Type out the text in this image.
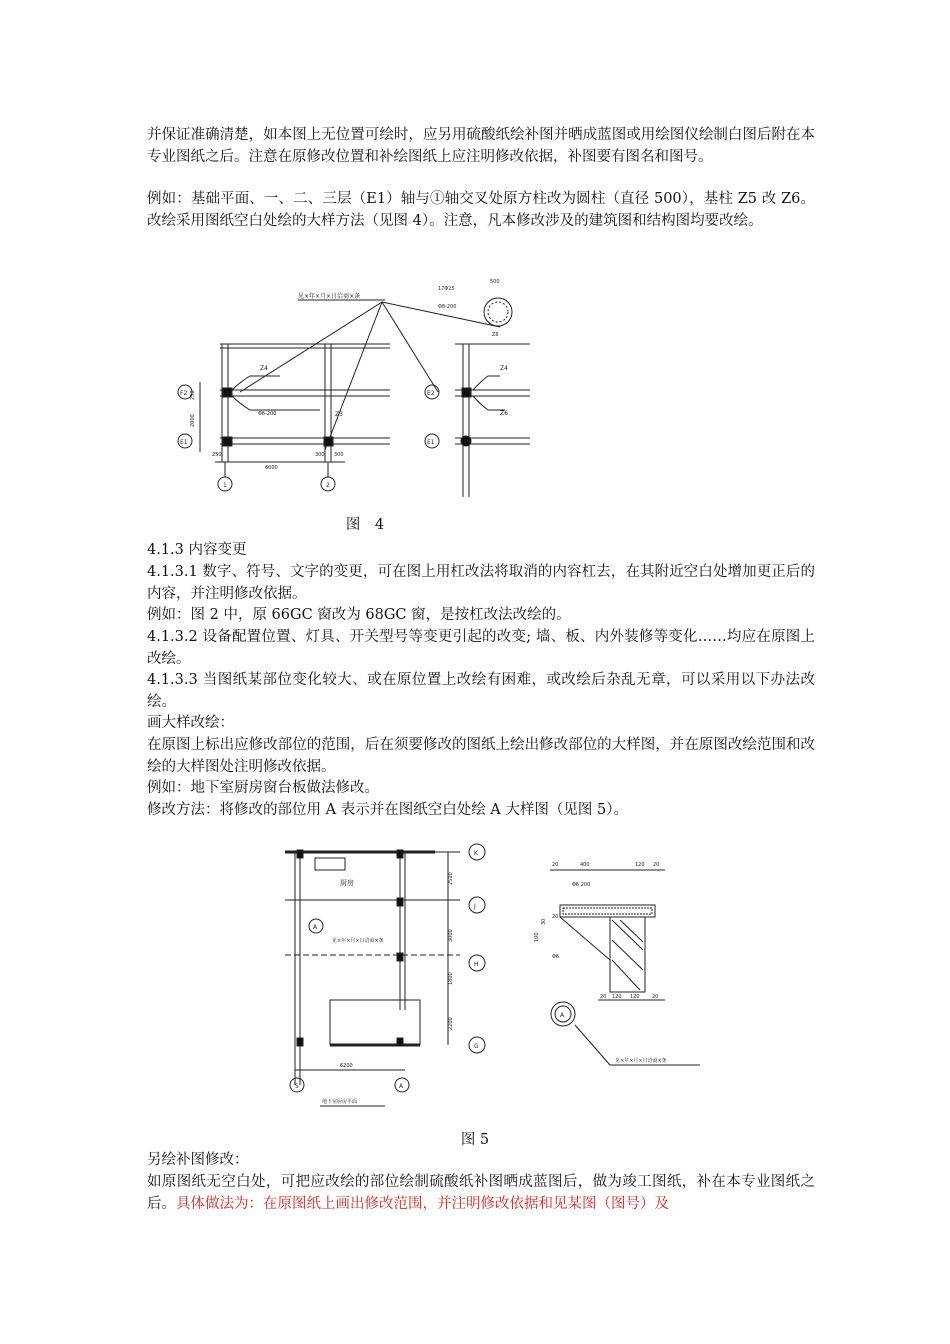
并保证准确清楚，如本图上无位置可绘时，应另用硫酸纸绘补图并晒成蓝图或用绘图仪绘制白图后附在本专业图纸之后。注意在原修改位置和补绘图纸上应注明修改依据，补图要有图名和图号。

例如：基础平面、一、二、三层（E1）轴与①轴交叉处原方柱改为圆柱（直径 500），基柱 Z5 改 Z6。改绘采用图纸空白处绘的大样方法（见图 4）。注意，凡本修改涉及的建筑图和结构图均要改绘。

见×年×月×日洽商×条
Z4
Φ6-200	Z3
F2
E1
2000
250
250
6000
300 300
1	2
500
17Φ25
Φ8-200
Z6
Z4
Z6
E2
E1
图　4

4.1.3 内容变更

4.1.3.1 数字、符号、文字的变更，可在图上用杠改法将取消的内容杠去，在其附近空白处增加更正后的内容，并注明修改依据。

例如：图 2 中，原 66GC 窗改为 68GC 窗，是按杠改法改绘的。

4.1.3.2 设备配置位置、灯具、开关型号等变更引起的改变; 墙、板、内外装修等变化……均应在原图上改绘。

4.1.3.3 当图纸某部位变化较大、或在原位置上改绘有困难，或改绘后杂乱无章，可以采用以下办法改绘。

画大样改绘：

在原图上标出应修改部位的范围，后在须要修改的图纸上绘出修改部位的大样图，并在原图改绘范围和改绘的大样图处注明修改依据。

例如：地下室厨房窗台板做法修改。

修改方法：将修改的部位用 A 表示并在图纸空白处绘 A 大样图（见图 5）。

厨房
A
见×年×月×日洽商×条
2500
3000
1800
2200
K
J
H
G
6200
5	A
地下室厨房平面
20	400	120 20
Φ6 200
30
100
20
Φ6
20 120 120 20
A
见×年×月×日洽商×条
图 5

另绘补图修改：

如原图纸无空白处，可把应改绘的部位绘制硫酸纸补图晒成蓝图后，做为竣工图纸，补在本专业图纸之后。具体做法为：在原图纸上画出修改范围，并注明修改依据和见某图（图号）及
